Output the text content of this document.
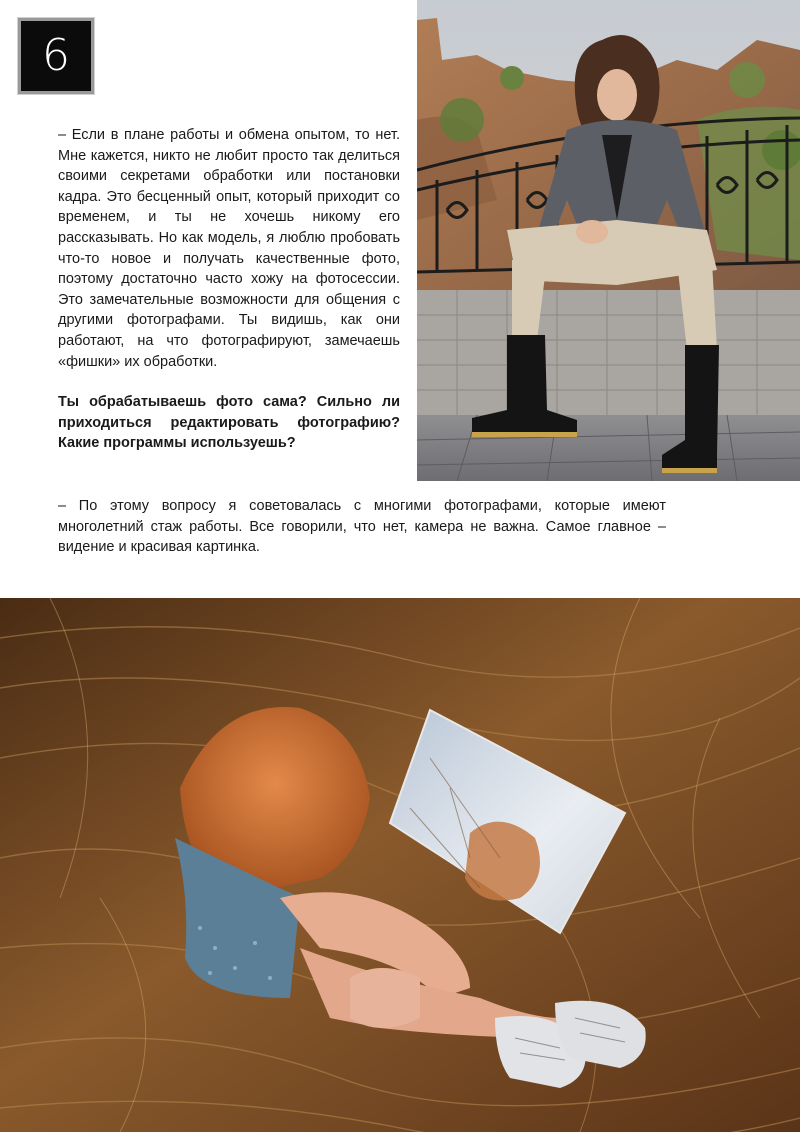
6

– Если в плане работы и обмена опытом, то нет. Мне кажется, никто не любит просто так делиться своими секретами обработки или постановки кадра. Это бесценный опыт, который приходит со временем, и ты не хочешь никому его рассказывать. Но как модель, я люблю пробовать что-то новое и получать качественные фото, поэтому достаточно часто хожу на фотосессии. Это замечательные возможности для общения с другими фотографами. Ты видишь, как они работают, на что фотографируют, замечаешь «фишки» их обработки.

Ты обрабатываешь фото сама? Сильно ли приходиться редактировать фотографию? Какие программы используешь?

– По этому вопросу я советовалась с многими фотографами, которые имеют многолетний стаж работы. Все говорили, что нет, камера не важна. Самое главное – видение и красивая картинка.
